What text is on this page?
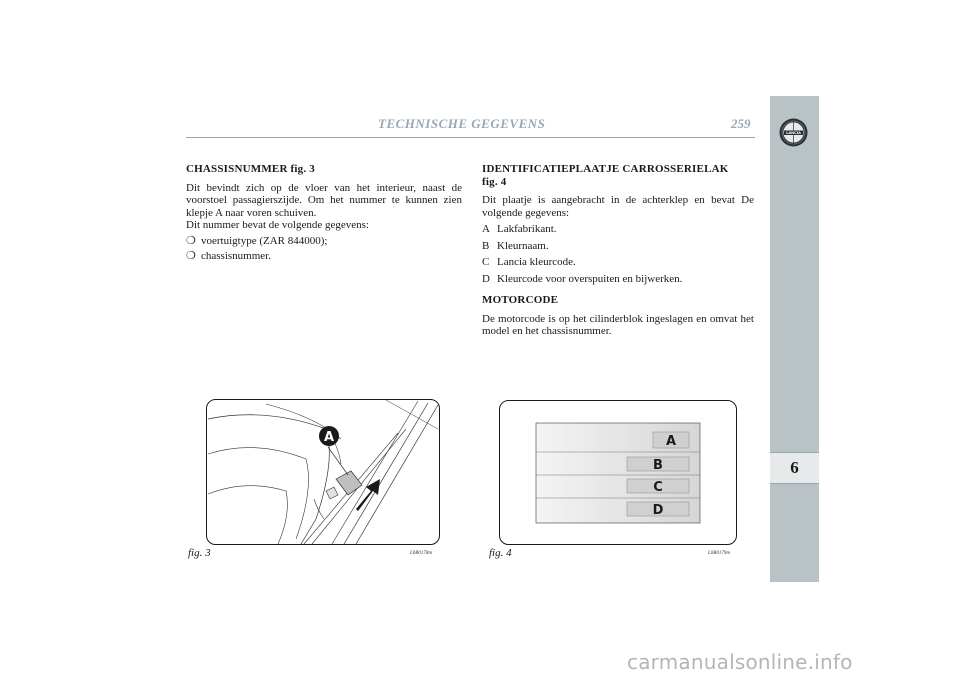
TECHNISCHE GEGEVENS	259
LANCIA
6

CHASSISNUMMER fig. 3

Dit bevindt zich op de vloer van het interieur, naast de voorstoel passagierszijde. Om het nummer te kunnen zien klepje A naar voren schuiven.

Dit nummer bevat de volgende gegevens:

❍ voertuigtype (ZAR 844000);
❍ chassisnummer.

IDENTIFICATIEPLAATJE CARROSSERIELAK
fig. 4

Dit plaatje is aangebracht in de achterklep en bevat De volgende gegevens:

A Lakfabrikant.
B Kleurnaam.
C Lancia kleurcode.
D Kleurcode voor overspuiten en bijwerken.

MOTORCODE

De motorcode is op het cilinderblok ingeslagen en omvat het model en het chassisnummer.

A
fig. 3	L0B0178m
A
B
C
D
fig. 4	L0B0179m
carmanualsonline.info
